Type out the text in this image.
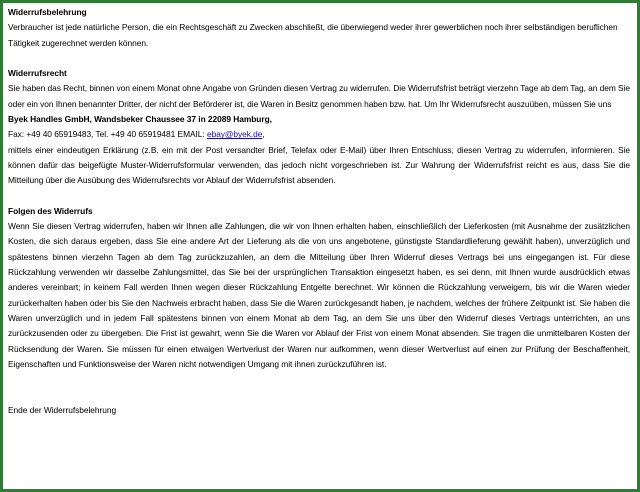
Widerrufsbelehrung

Verbraucher ist jede natürliche Person, die ein Rechtsgeschäft zu Zwecken abschließt, die überwiegend weder ihrer gewerblichen noch ihrer selbständigen beruflichen Tätigkeit zugerechnet werden können.

Widerrufsrecht

Sie haben das Recht, binnen von einem Monat ohne Angabe von Gründen diesen Vertrag zu widerrufen. Die Widerrufsfrist beträgt vierzehn Tage ab dem Tag, an dem Sie oder ein von Ihnen benannter Dritter, der nicht der Beförderer ist, die Waren in Besitz genommen haben bzw. hat. Um Ihr Widerrufsrecht auszuüben, müssen Sie uns

Byek Handles GmbH, Wandsbeker Chaussee 37 in 22089 Hamburg,

Fax: +49 40 65919483, Tel. +49 40 65919481 EMAIL: ebay@byek.de,

mittels einer eindeutigen Erklärung (z.B. ein mit der Post versandter Brief, Telefax oder E-Mail) über Ihren Entschluss, diesen Vertrag zu widerrufen, informieren. Sie können dafür das beigefügte Muster-Widerrufsformular verwenden, das jedoch nicht vorgeschrieben ist. Zur Wahrung der Widerrufsfrist reicht es aus, dass Sie die Mitteilung über die Ausübung des Widerrufsrechts vor Ablauf der Widerrufsfrist absenden.

Folgen des Widerrufs

Wenn Sie diesen Vertrag widerrufen, haben wir Ihnen alle Zahlungen, die wir von Ihnen erhalten haben, einschließlich der Lieferkosten (mit Ausnahme der zusätzlichen Kosten, die sich daraus ergeben, dass Sie eine andere Art der Lieferung als die von uns angebotene, günstigste Standardlieferung gewählt haben), unverzüglich und spätestens binnen vierzehn Tagen ab dem Tag zurückzuzahlen, an dem die Mitteilung über Ihren Widerruf dieses Vertrags bei uns eingegangen ist. Für diese Rückzahlung verwenden wir dasselbe Zahlungsmittel, das Sie bei der ursprünglichen Transaktion eingesetzt haben, es sei denn, mit Ihnen wurde ausdrücklich etwas anderes vereinbart; in keinem Fall werden Ihnen wegen dieser Rückzahlung Entgelte berechnet. Wir können die Rückzahlung verweigern, bis wir die Waren wieder zurückerhalten haben oder bis Sie den Nachweis erbracht haben, dass Sie die Waren zurückgesandt haben, je nachdem, welches der frühere Zeitpunkt ist. Sie haben die Waren unverzüglich und in jedem Fall spätestens binnen von einem Monat ab dem Tag, an dem Sie uns über den Widerruf dieses Vertrags unterrichten, an uns zurückzusenden oder zu übergeben. Die Frist ist gewahrt, wenn Sie die Waren vor Ablauf der Frist von einem Monat absenden. Sie tragen die unmittelbaren Kosten der Rücksendung der Waren. Sie müssen für einen etwaigen Wertverlust der Waren nur aufkommen, wenn dieser Wertverlust auf einen zur Prüfung der Beschaffenheit, Eigenschaften und Funktionsweise der Waren nicht notwendigen Umgang mit ihnen zurückzuführen ist.

Ende der Widerrufsbelehrung
